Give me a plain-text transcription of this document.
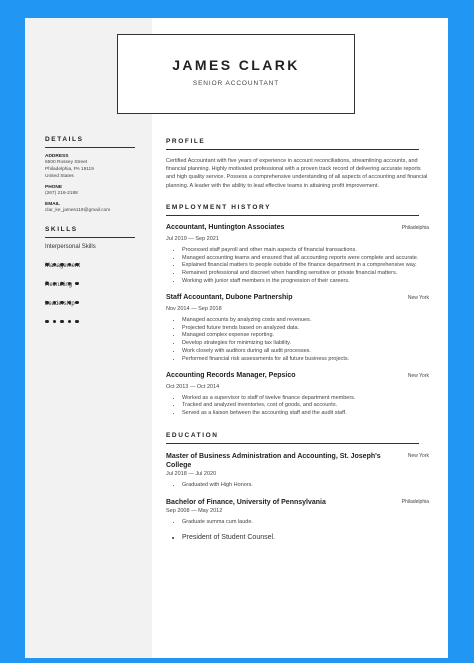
JAMES CLARK
SENIOR ACCOUNTANT
DETAILS
ADDRESS
6500 Rossey Street
Philadelphia, PA 19119
United States
PHONE
(267) 216-2188
EMAIL
clar_ke_james119@gmail.com
SKILLS
Interpersonal Skills
Management
Recruiting
Leadership
PROFILE
Certified Accountant with five years of experience in account reconciliations, streamlining accounts, and financial planning. Highly motivated professional with a proven track record of delivering accurate reports and high quality service. Possess a comprehensive understanding of all aspects of accounting and financial planning. A leader with the ability to lead effective teams in attaining profit improvement.
EMPLOYMENT HISTORY
Accountant, Huntington Associates	Philadelphia
Jul 2019 — Sep 2021
• Processed staff payroll and other main aspects of financial transactions.
• Managed accounting teams and ensured that all accounting reports were complete and accurate.
• Explained financial matters to people outside of the finance department in a comprehensive way.
• Remained professional and discreet when handling sensitive or private financial matters.
• Working with junior staff members in the progression of their careers.
Staff Accountant, Dubone Partnership	New York
Nov 2014 — Sep 2018
• Managed accounts by analyzing costs and revenues.
• Projected future trends based on analyzed data.
• Managed complex expense reporting.
• Develop strategies for minimizing tax liability.
• Work closely with auditors during all audit processes.
• Performed financial risk assessments for all future business projects.
Accounting Records Manager, Pepsico	New York
Oct 2013 — Oct 2014
• Worked as a supervisor to staff of twelve finance department members.
• Tracked and analyzed inventories, cost of goods, and accounts.
• Served as a liaison between the accounting staff and the audit staff.
EDUCATION
Master of Business Administration and Accounting, St. Joseph's College
New York
Jul 2018 — Jul 2020
• Graduated with High Honors.
Bachelor of Finance, University of Pennsylvania	Philadelphia
Sep 2008 — May 2012
• Graduate summa cum laude.
• President of Student Counsel.
